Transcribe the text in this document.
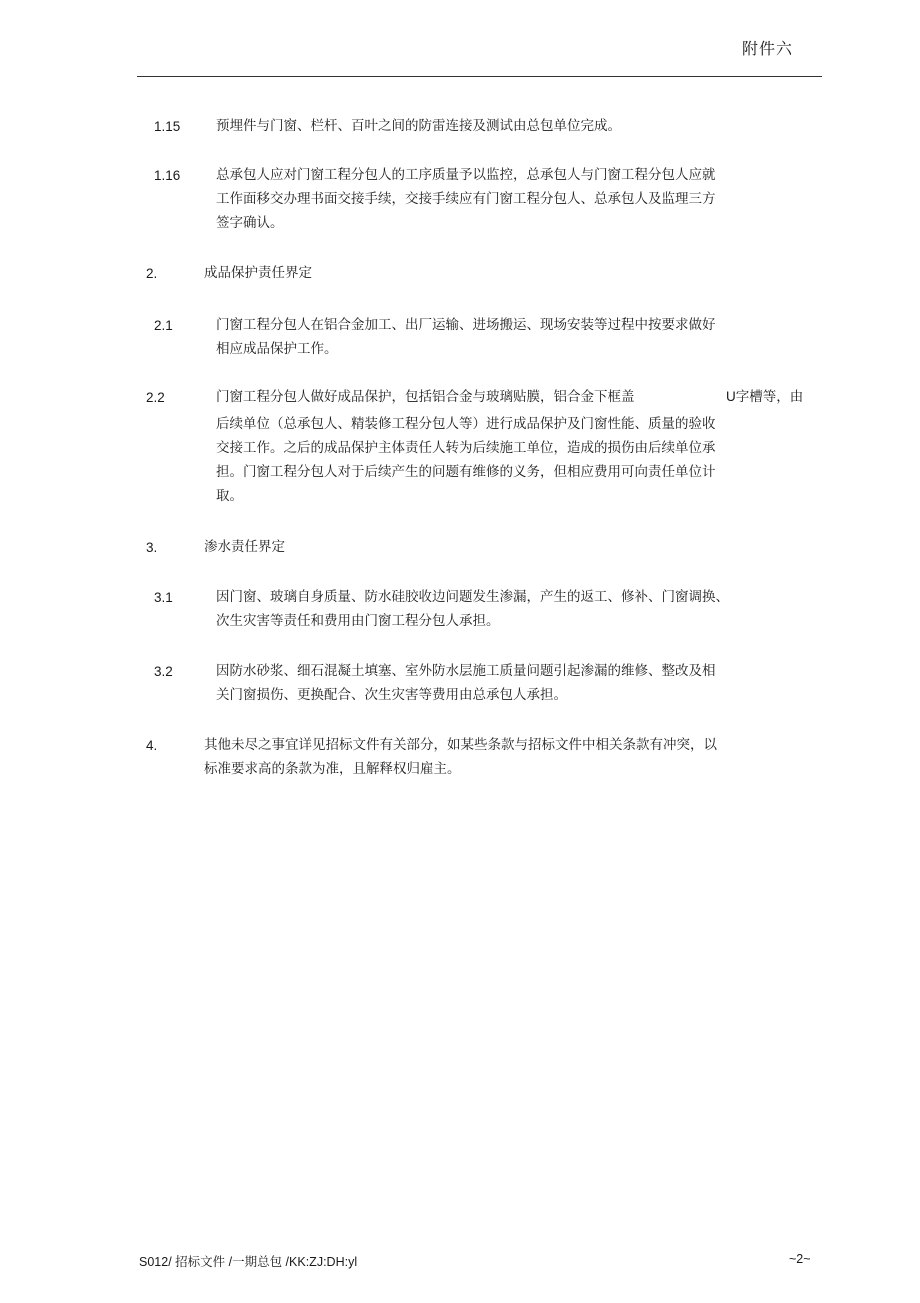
附件六
1.15	预埋件与门窗、栏杆、百叶之间的防雷连接及测试由总包单位完成。
1.16	总承包人应对门窗工程分包人的工序质量予以监控，总承包人与门窗工程分包人应就
工作面移交办理书面交接手续，交接手续应有门窗工程分包人、总承包人及监理三方
签字确认。
2.	成品保护责任界定
2.1	门窗工程分包人在铝合金加工、出厂运输、进场搬运、现场安装等过程中按要求做好
相应成品保护工作。
2.2	门窗工程分包人做好成品保护，包括铝合金与玻璃贴膜，铝合金下框盖	U字槽等，由
后续单位（总承包人、精装修工程分包人等）进行成品保护及门窗性能、质量的验收
交接工作。之后的成品保护主体责任人转为后续施工单位，造成的损伤由后续单位承
担。门窗工程分包人对于后续产生的问题有维修的义务，但相应费用可向责任单位计
取。
3.	渗水责任界定
3.1	因门窗、玻璃自身质量、防水硅胶收边问题发生渗漏，产生的返工、修补、门窗调换、
次生灾害等责任和费用由门窗工程分包人承担。
3.2	因防水砂浆、细石混凝土填塞、室外防水层施工质量问题引起渗漏的维修、整改及相
关门窗损伤、更换配合、次生灾害等费用由总承包人承担。
4.	其他未尽之事宜详见招标文件有关部分，如某些条款与招标文件中相关条款有冲突，以
标准要求高的条款为准，且解释权归雇主。
S012/ 招标文件 /一期总包 /KK:ZJ:DH:yl	~2~
